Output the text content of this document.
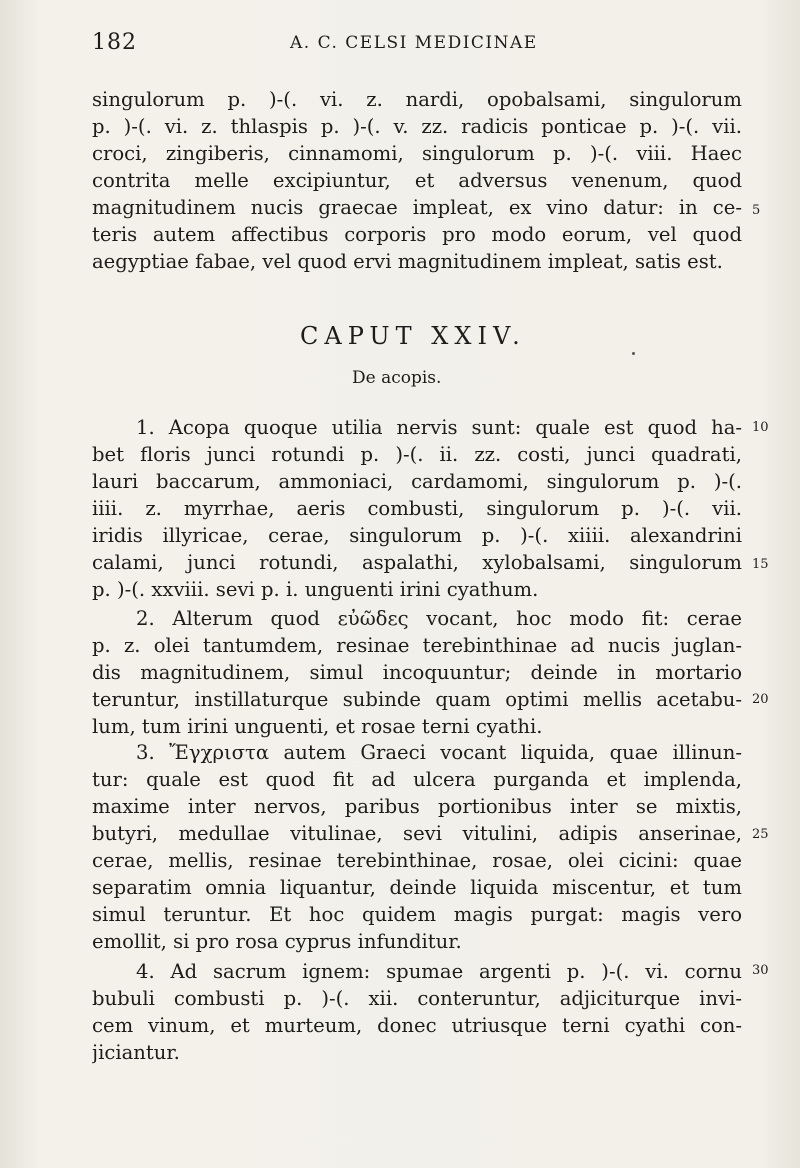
182	A. C. CELSI MEDICINAE
singulorum p. )-(. vi. z. nardi, opobalsami, singulorum
p. )-(. vi. z. thlaspis p. )-(. v. zz. radicis ponticae p. )-(. vii.
croci, zingiberis, cinnamomi, singulorum p. )-(. viii. Haec
contrita melle excipiuntur, et adversus venenum, quod
magnitudinem nucis graecae impleat, ex vino datur: in ce-
teris autem affectibus corporis pro modo eorum, vel quod
aegyptiae fabae, vel quod ervi magnitudinem impleat, satis est.
CAPUT XXIV.
De acopis.
1. Acopa quoque utilia nervis sunt: quale est quod ha-
bet floris junci rotundi p. )-(. ii. zz. costi, junci quadrati,
lauri baccarum, ammoniaci, cardamomi, singulorum p. )-(.
iiii. z. myrrhae, aeris combusti, singulorum p. )-(. vii.
iridis illyricae, cerae, singulorum p. )-(. xiiii. alexandrini
calami, junci rotundi, aspalathi, xylobalsami, singulorum
p. )-(. xxviii. sevi p. i. unguenti irini cyathum.
2. Alterum quod εὐῶδες vocant, hoc modo fit: cerae
p. z. olei tantumdem, resinae terebinthinae ad nucis juglan-
dis magnitudinem, simul incoquuntur; deinde in mortario
teruntur, instillaturque subinde quam optimi mellis acetabu-
lum, tum irini unguenti, et rosae terni cyathi.
3. Ἔγχριστα autem Graeci vocant liquida, quae illinun-
tur: quale est quod fit ad ulcera purganda et implenda,
maxime inter nervos, paribus portionibus inter se mixtis,
butyri, medullae vitulinae, sevi vitulini, adipis anserinae,
cerae, mellis, resinae terebinthinae, rosae, olei cicini: quae
separatim omnia liquantur, deinde liquida miscentur, et tum
simul teruntur. Et hoc quidem magis purgat: magis vero
emollit, si pro rosa cyprus infunditur.
4. Ad sacrum ignem: spumae argenti p. )-(. vi. cornu
bubuli combusti p. )-(. xii. conteruntur, adjiciturque invi-
cem vinum, et murteum, donec utriusque terni cyathi con-
jiciantur.
5
10
15
20
25
30
